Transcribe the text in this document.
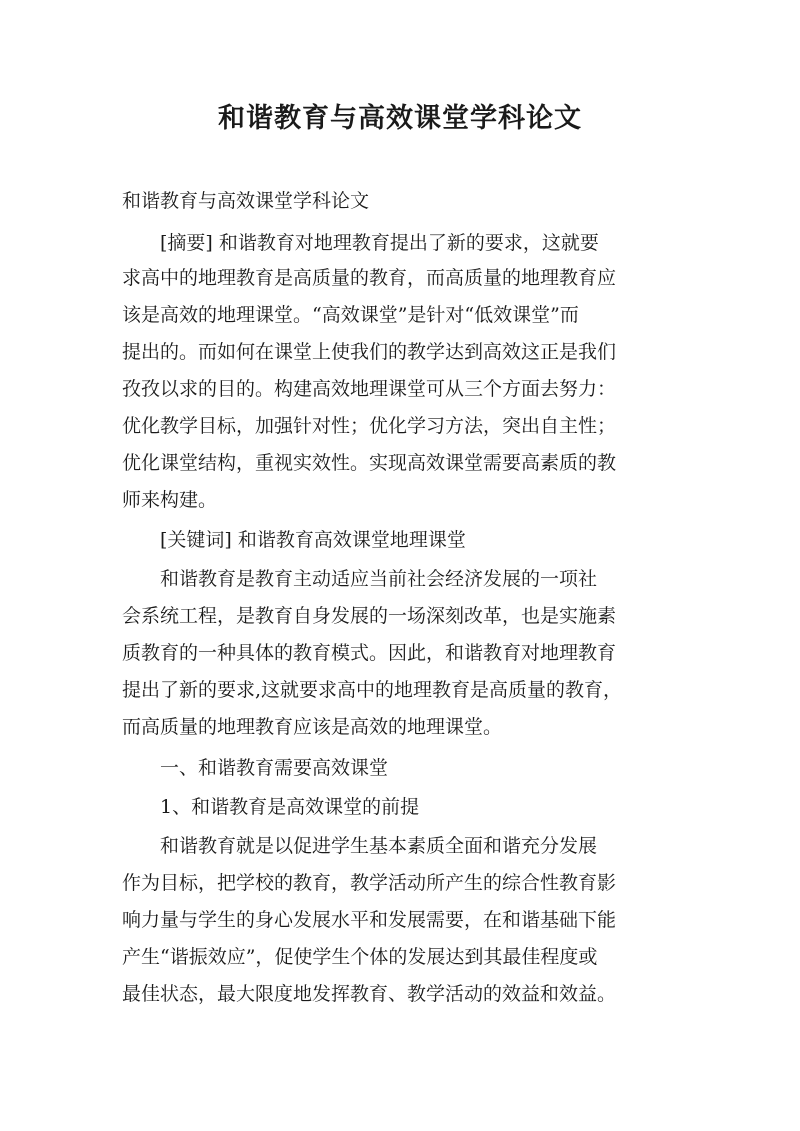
和谐教育与高效课堂学科论文
和谐教育与高效课堂学科论文
[摘要] 和谐教育对地理教育提出了新的要求，这就要
求高中的地理教育是高质量的教育，而高质量的地理教育应
该是高效的地理课堂。“高效课堂”是针对“低效课堂”而
提出的。而如何在课堂上使我们的教学达到高效这正是我们
孜孜以求的目的。构建高效地理课堂可从三个方面去努力：
优化教学目标，加强针对性；优化学习方法，突出自主性；
优化课堂结构，重视实效性。实现高效课堂需要高素质的教
师来构建。
[关键词] 和谐教育高效课堂地理课堂
和谐教育是教育主动适应当前社会经济发展的一项社
会系统工程，是教育自身发展的一场深刻改革，也是实施素
质教育的一种具体的教育模式。因此，和谐教育对地理教育
提出了新的要求,这就要求高中的地理教育是高质量的教育，
而高质量的地理教育应该是高效的地理课堂。
一、和谐教育需要高效课堂
1、和谐教育是高效课堂的前提
和谐教育就是以促进学生基本素质全面和谐充分发展
作为目标，把学校的教育，教学活动所产生的综合性教育影
响力量与学生的身心发展水平和发展需要，在和谐基础下能
产生“谐振效应”，促使学生个体的发展达到其最佳程度或
最佳状态，最大限度地发挥教育、教学活动的效益和效益。
